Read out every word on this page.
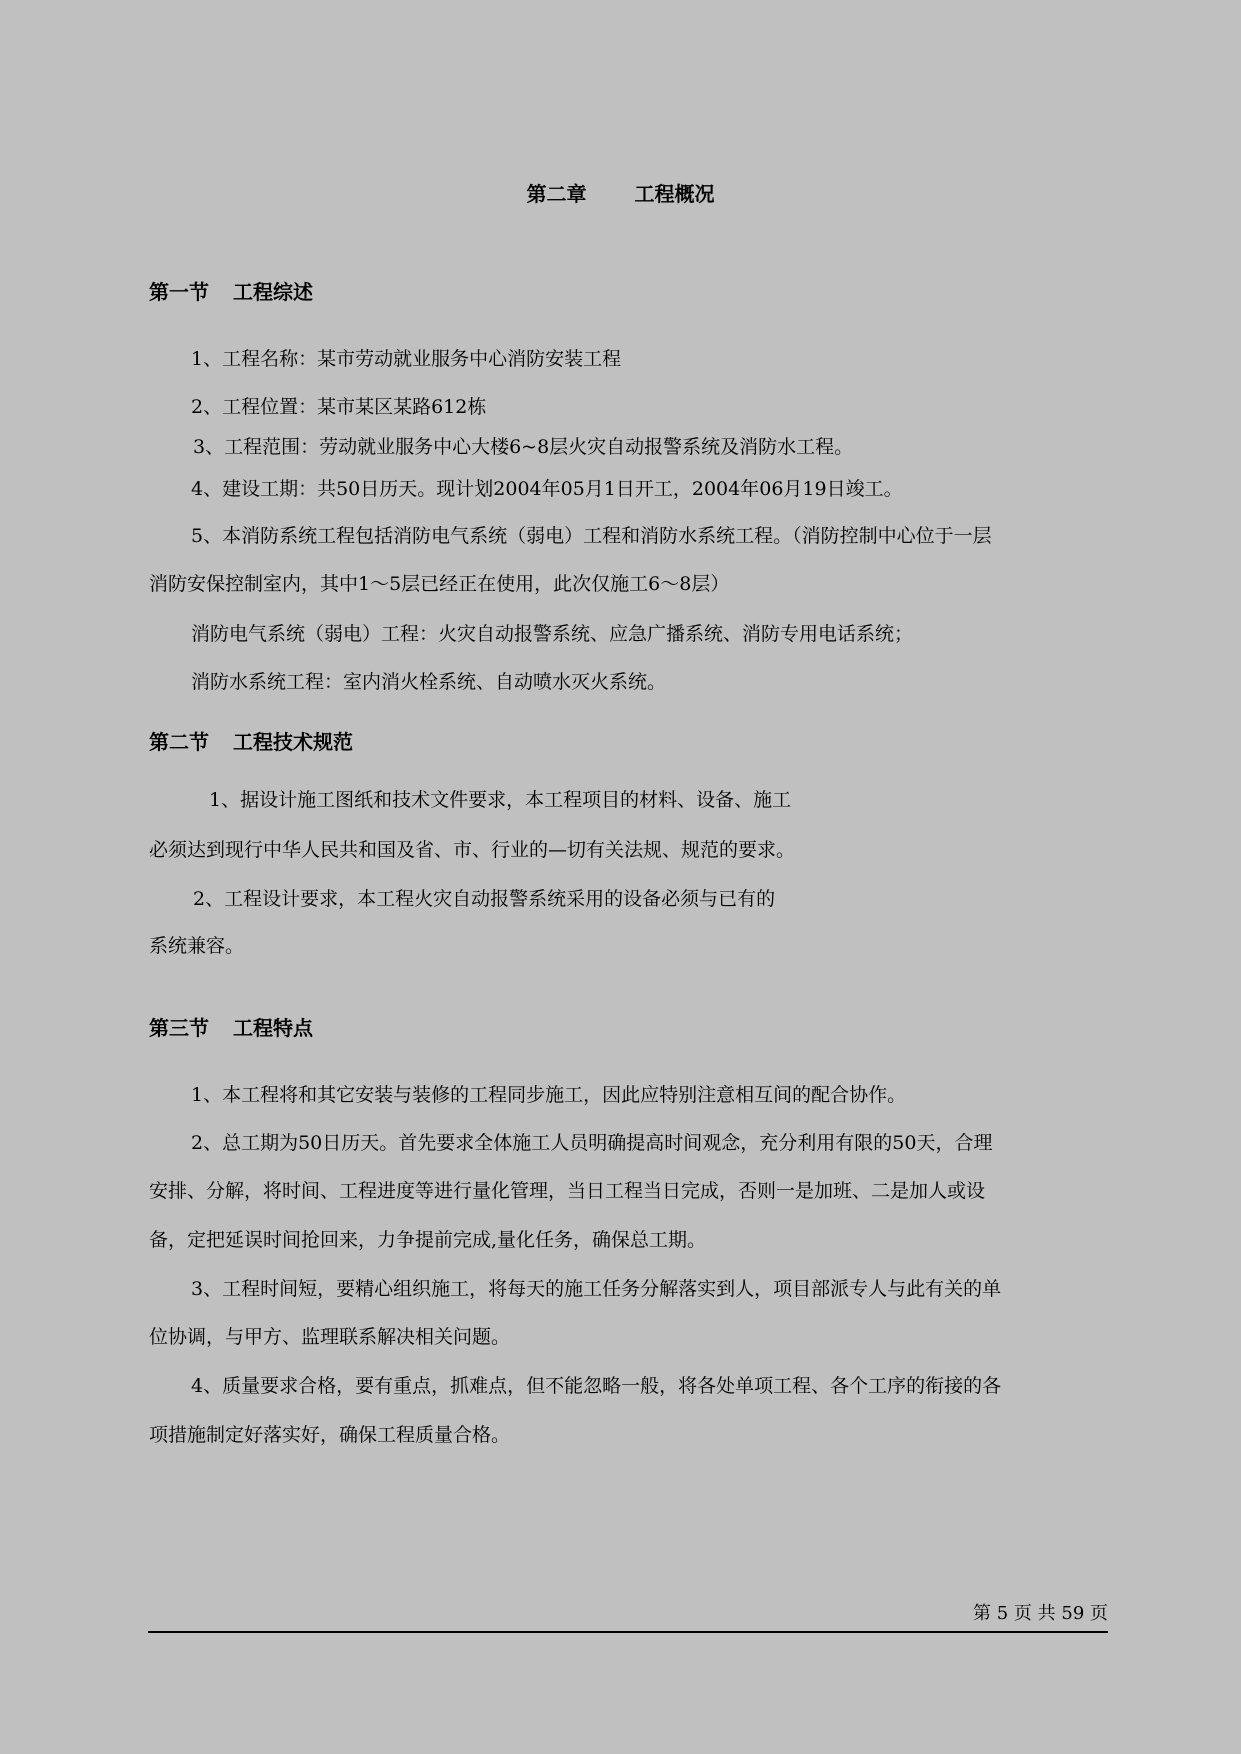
第二章 工程概况
第一节 工程综述
1、工程名称：某市劳动就业服务中心消防安装工程
2、工程位置：某市某区某路612栋
3、工程范围：劳动就业服务中心大楼6~8层火灾自动报警系统及消防水工程。
4、建设工期：共50日历天。现计划2004年05月1日开工，2004年06月19日竣工。
5、本消防系统工程包括消防电气系统（弱电）工程和消防水系统工程。（消防控制中心位于一层
消防安保控制室内，其中1～5层已经正在使用，此次仅施工6～8层）
消防电气系统（弱电）工程：火灾自动报警系统、应急广播系统、消防专用电话系统；
消防水系统工程：室内消火栓系统、自动喷水灭火系统。
第二节 工程技术规范
1、据设计施工图纸和技术文件要求，本工程项目的材料、设备、施工
必须达到现行中华人民共和国及省、市、行业的—切有关法规、规范的要求。
2、工程设计要求，本工程火灾自动报警系统采用的设备必须与已有的
系统兼容。
第三节 工程特点
1、本工程将和其它安装与装修的工程同步施工，因此应特别注意相互间的配合协作。
2、总工期为50日历天。首先要求全体施工人员明确提高时间观念，充分利用有限的50天，合理
安排、分解，将时间、工程进度等进行量化管理，当日工程当日完成，否则一是加班、二是加人或设
备，定把延误时间抢回来，力争提前完成,量化任务，确保总工期。
3、工程时间短，要精心组织施工，将每天的施工任务分解落实到人，项目部派专人与此有关的单
位协调，与甲方、监理联系解决相关问题。
4、质量要求合格，要有重点，抓难点，但不能忽略一般，将各处单项工程、各个工序的衔接的各
项措施制定好落实好，确保工程质量合格。
第 5 页 共 59 页
